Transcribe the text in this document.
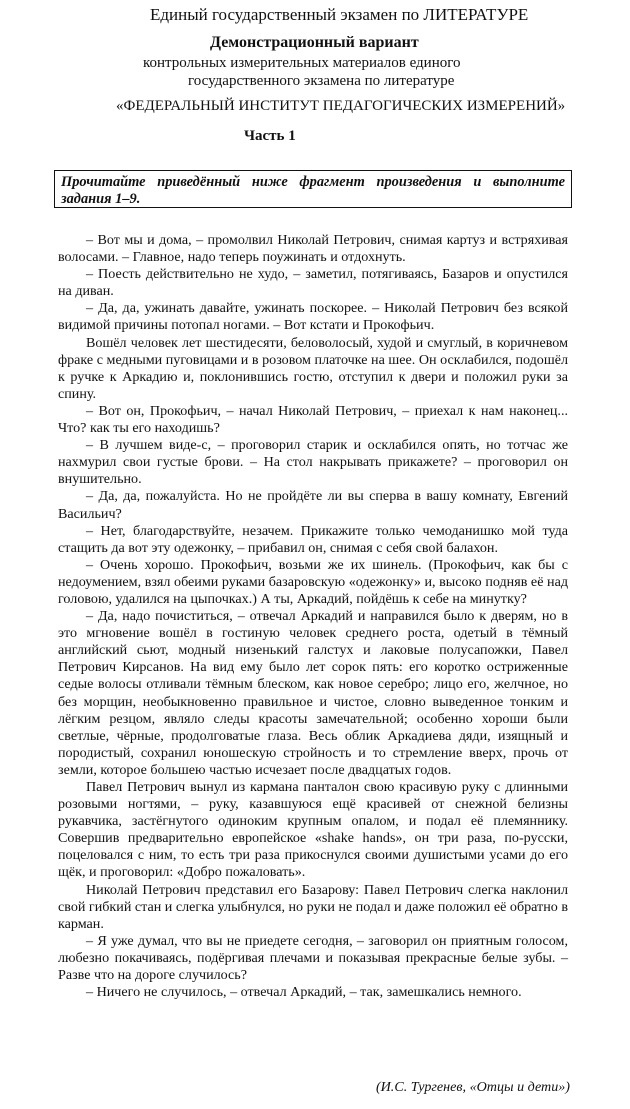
Единый государственный экзамен по ЛИТЕРАТУРЕ
Демонстрационный вариант
контрольных измерительных материалов единого
государственного экзамена по литературе
«ФЕДЕРАЛЬНЫЙ ИНСТИТУТ ПЕДАГОГИЧЕСКИХ ИЗМЕРЕНИЙ»
Часть 1
Прочитайте приведённый ниже фрагмент произведения и выполните задания 1–9.

– Вот мы и дома, – промолвил Николай Петрович, снимая картуз и встряхивая волосами. – Главное, надо теперь поужинать и отдохнуть.

– Поесть действительно не худо, – заметил, потягиваясь, Базаров и опустился на диван.

– Да, да, ужинать давайте, ужинать поскорее. – Николай Петрович без всякой видимой причины потопал ногами. – Вот кстати и Прокофьич.

Вошёл человек лет шестидесяти, беловолосый, худой и смуглый, в коричневом фраке с медными пуговицами и в розовом платочке на шее. Он осклабился, подошёл к ручке к Аркадию и, поклонившись гостю, отступил к двери и положил руки за спину.

– Вот он, Прокофьич, – начал Николай Петрович, – приехал к нам наконец... Что? как ты его находишь?

– В лучшем виде-с, – проговорил старик и осклабился опять, но тотчас же нахмурил свои густые брови. – На стол накрывать прикажете? – проговорил он внушительно.

– Да, да, пожалуйста. Но не пройдёте ли вы сперва в вашу комнату, Евгений Васильич?

– Нет, благодарствуйте, незачем. Прикажите только чемоданишко мой туда стащить да вот эту одежонку, – прибавил он, снимая с себя свой балахон.

– Очень хорошо. Прокофьич, возьми же их шинель. (Прокофьич, как бы с недоумением, взял обеими руками базаровскую «одежонку» и, высоко подняв её над головою, удалился на цыпочках.) А ты, Аркадий, пойдёшь к себе на минутку?

– Да, надо почиститься, – отвечал Аркадий и направился было к дверям, но в это мгновение вошёл в гостиную человек среднего роста, одетый в тёмный английский сьют, модный низенький галстух и лаковые полусапожки, Павел Петрович Кирсанов. На вид ему было лет сорок пять: его коротко остриженные седые волосы отливали тёмным блеском, как новое серебро; лицо его, желчное, но без морщин, необыкновенно правильное и чистое, словно выведенное тонким и лёгким резцом, являло следы красоты замечательной; особенно хороши были светлые, чёрные, продолговатые глаза. Весь облик Аркадиева дяди, изящный и породистый, сохранил юношескую стройность и то стремление вверх, прочь от земли, которое большею частью исчезает после двадцатых годов.

Павел Петрович вынул из кармана панталон свою красивую руку с длинными розовыми ногтями, – руку, казавшуюся ещё красивей от снежной белизны рукавчика, застёгнутого одиноким крупным опалом, и подал её племяннику. Совершив предварительно европейское «shake hands», он три раза, по-русски, поцеловался с ним, то есть три раза прикоснулся своими душистыми усами до его щёк, и проговорил: «Добро пожаловать».

Николай Петрович представил его Базарову: Павел Петрович слегка наклонил свой гибкий стан и слегка улыбнулся, но руки не подал и даже положил её обратно в карман.

– Я уже думал, что вы не приедете сегодня, – заговорил он приятным голосом, любезно покачиваясь, подёргивая плечами и показывая прекрасные белые зубы. – Разве что на дороге случилось?

– Ничего не случилось, – отвечал Аркадий, – так, замешкались немного.

(И.С. Тургенев, «Отцы и дети»)
